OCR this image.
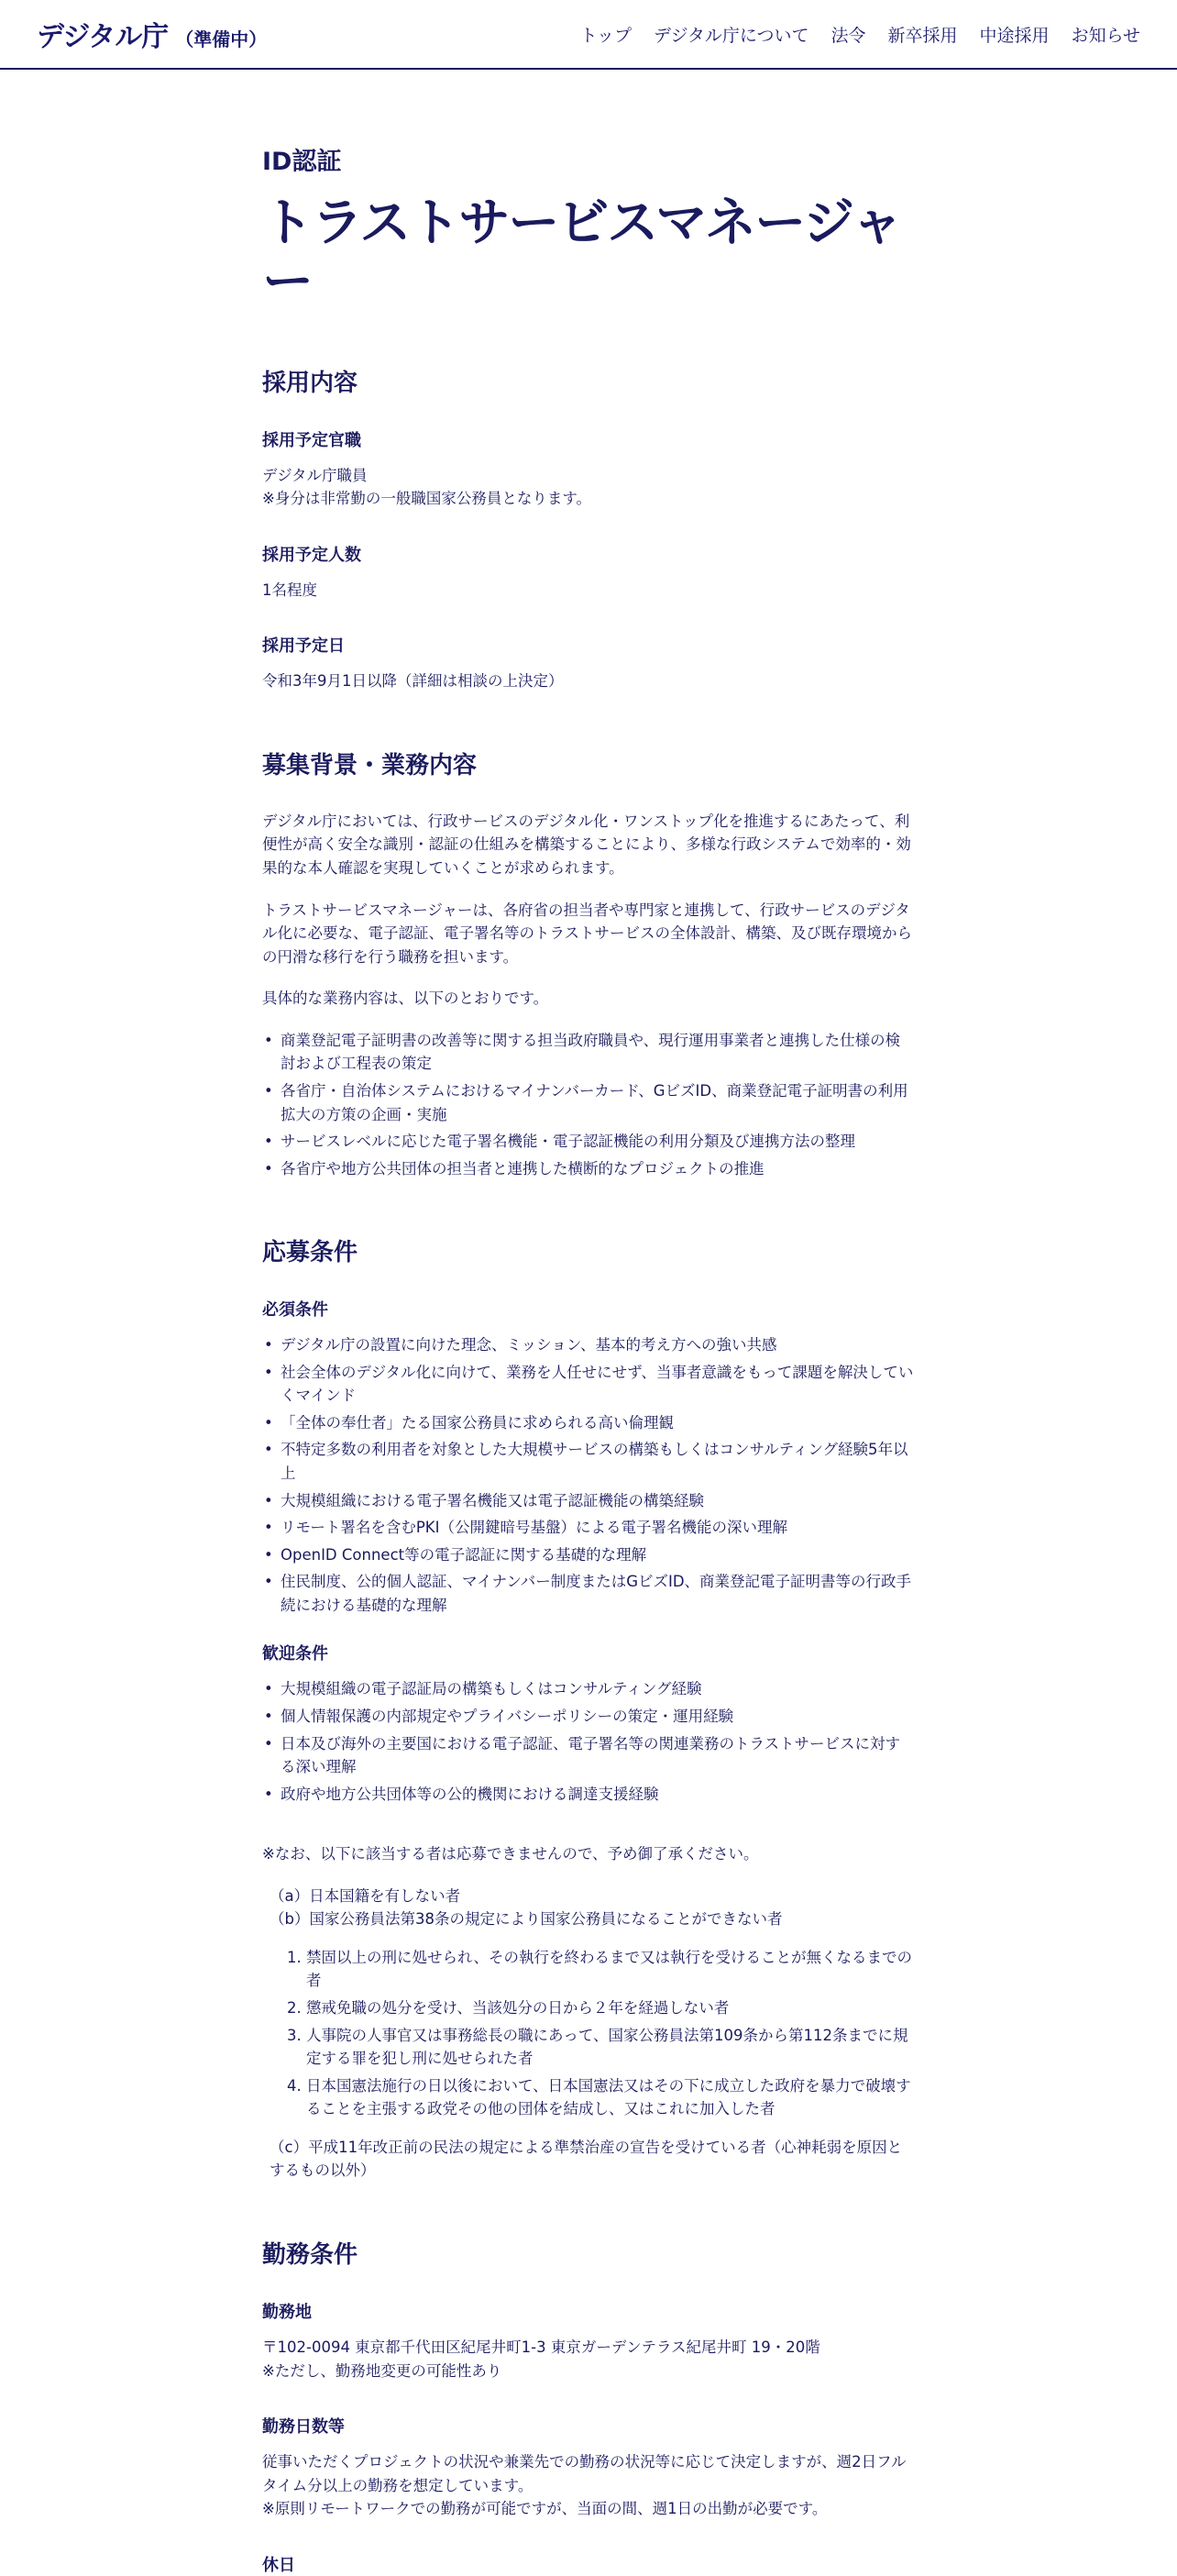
デジタル庁 （準備中）	トップ デジタル庁について 法令 新卒採用 中途採用 お知らせ

ID認証

トラストサービスマネージャー
採用内容
採用予定官職

デジタル庁職員

※身分は非常勤の一般職国家公務員となります。

採用予定人数

1名程度

採用予定日

令和3年9月1日以降（詳細は相談の上決定）

募集背景・業務内容

デジタル庁においては、行政サービスのデジタル化・ワンストップ化を推進するにあたって、利便性が高く安全な識別・認証の仕組みを構築することにより、多様な行政システムで効率的・効果的な本人確認を実現していくことが求められます。

トラストサービスマネージャーは、各府省の担当者や専門家と連携して、行政サービスのデジタル化に必要な、電子認証、電子署名等のトラストサービスの全体設計、構築、及び既存環境からの円滑な移行を行う職務を担います。

具体的な業務内容は、以下のとおりです。

• 商業登記電子証明書の改善等に関する担当政府職員や、現行運用事業者と連携した仕様の検討および工程表の策定
• 各省庁・自治体システムにおけるマイナンバーカード、GビズID、商業登記電子証明書の利用拡大の方策の企画・実施
• サービスレベルに応じた電子署名機能・電子認証機能の利用分類及び連携方法の整理
• 各省庁や地方公共団体の担当者と連携した横断的なプロジェクトの推進
応募条件
必須条件
• デジタル庁の設置に向けた理念、ミッション、基本的考え方への強い共感
• 社会全体のデジタル化に向けて、業務を人任せにせず、当事者意識をもって課題を解決していくマインド
• 「全体の奉仕者」たる国家公務員に求められる高い倫理観
• 不特定多数の利用者を対象とした大規模サービスの構築もしくはコンサルティング経験5年以上
• 大規模組織における電子署名機能又は電子認証機能の構築経験
• リモート署名を含むPKI（公開鍵暗号基盤）による電子署名機能の深い理解
• OpenID Connect等の電子認証に関する基礎的な理解
• 住民制度、公的個人認証、マイナンバー制度またはGビズID、商業登記電子証明書等の行政手続における基礎的な理解
歓迎条件
• 大規模組織の電子認証局の構築もしくはコンサルティング経験
• 個人情報保護の内部規定やプライバシーポリシーの策定・運用経験
• 日本及び海外の主要国における電子認証、電子署名等の関連業務のトラストサービスに対する深い理解
• 政府や地方公共団体等の公的機関における調達支援経験

※なお、以下に該当する者は応募できませんので、予め御了承ください。

（a）日本国籍を有しない者

（b）国家公務員法第38条の規定により国家公務員になることができない者

1. 禁固以上の刑に処せられ、その執行を終わるまで又は執行を受けることが無くなるまでの者
2. 懲戒免職の処分を受け、当該処分の日から２年を経過しない者
3. 人事院の人事官又は事務総長の職にあって、国家公務員法第109条から第112条までに規定する罪を犯し刑に処せられた者
4. 日本国憲法施行の日以後において、日本国憲法又はその下に成立した政府を暴力で破壊することを主張する政党その他の団体を結成し、又はこれに加入した者

（c）平成11年改正前の民法の規定による準禁治産の宣告を受けている者（心神耗弱を原因とするもの以外）

勤務条件
勤務地

〒102-0094 東京都千代田区紀尾井町1-3 東京ガーデンテラス紀尾井町 19・20階

※ただし、勤務地変更の可能性あり

勤務日数等

従事いただくプロジェクトの状況や兼業先での勤務の状況等に応じて決定しますが、週2日フルタイム分以上の勤務を想定しています。

※原則リモートワークでの勤務が可能ですが、当面の間、週1日の出勤が必要です。

休日
